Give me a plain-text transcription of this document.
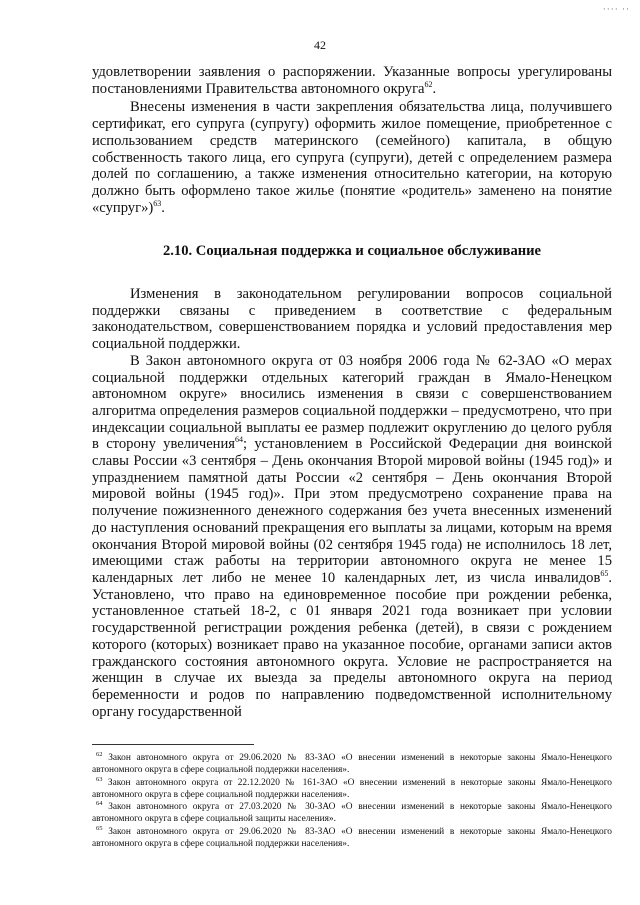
···· ··
42

удовлетворении заявления о распоряжении. Указанные вопросы урегулированы постановлениями Правительства автономного округа$^{62}$.

Внесены изменения в части закрепления обязательства лица, получившего сертификат, его супруга (супругу) оформить жилое помещение, приобретенное с использованием средств материнского (семейного) капитала, в общую собственность такого лица, его супруга (супруги), детей с определением размера долей по соглашению, а также изменения относительно категории, на которую должно быть оформлено такое жилье (понятие «родитель» заменено на понятие «супруг»)$^{63}$.

2.10. Социальная поддержка и социальное обслуживание

Изменения в законодательном регулировании вопросов социальной поддержки связаны с приведением в соответствие с федеральным законодательством, совершенствованием порядка и условий предоставления мер социальной поддержки.

В Закон автономного округа от 03 ноября 2006 года № 62-ЗАО «О мерах социальной поддержки отдельных категорий граждан в Ямало-Ненецком автономном округе» вносились изменения в связи с совершенствованием алгоритма определения размеров социальной поддержки – предусмотрено, что при индексации социальной выплаты ее размер подлежит округлению до целого рубля в сторону увеличения$^{64}$; установлением в Российской Федерации дня воинской славы России «3 сентября – День окончания Второй мировой войны (1945 год)» и упразднением памятной даты России «2 сентября – День окончания Второй мировой войны (1945 год)». При этом предусмотрено сохранение права на получение пожизненного денежного содержания без учета внесенных изменений до наступления оснований прекращения его выплаты за лицами, которым на время окончания Второй мировой войны (02 сентября 1945 года) не исполнилось 18 лет, имеющими стаж работы на территории автономного округа не менее 15 календарных лет либо не менее 10 календарных лет, из числа инвалидов$^{65}$. Установлено, что право на единовременное пособие при рождении ребенка, установленное статьей 18-2, с 01 января 2021 года возникает при условии государственной регистрации рождения ребенка (детей), в связи с рождением которого (которых) возникает право на указанное пособие, органами записи актов гражданского состояния автономного округа. Условие не распространяется на женщин в случае их выезда за пределы автономного округа на период беременности и родов по направлению подведомственной исполнительному органу государственной

$^{62}$ Закон автономного округа от 29.06.2020 № 83-ЗАО «О внесении изменений в некоторые законы Ямало-Ненецкого автономного округа в сфере социальной поддержки населения».

$^{63}$ Закон автономного округа от 22.12.2020 № 161-ЗАО «О внесении изменений в некоторые законы Ямало-Ненецкого автономного округа в сфере социальной поддержки населения».

$^{64}$ Закон автономного округа от 27.03.2020 № 30-ЗАО «О внесении изменений в некоторые законы Ямало-Ненецкого автономного округа в сфере социальной защиты населения».

$^{65}$ Закон автономного округа от 29.06.2020 № 83-ЗАО «О внесении изменений в некоторые законы Ямало-Ненецкого автономного округа в сфере социальной поддержки населения».
